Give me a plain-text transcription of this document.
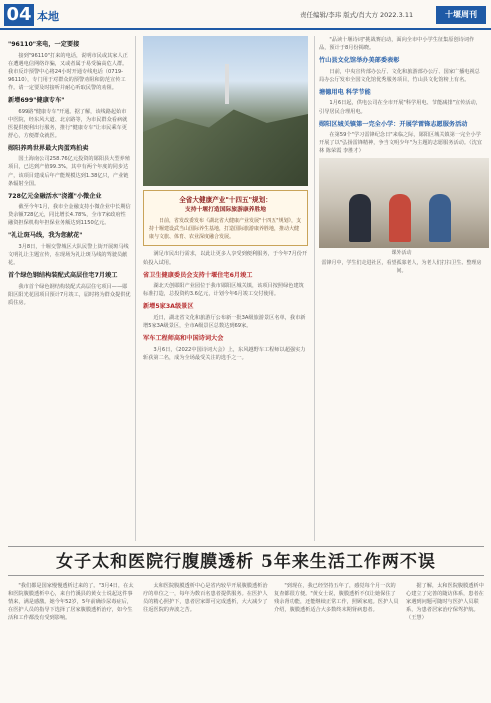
04 本地	责任编辑/李玮 版式/肖大方 2022.3.11	十堰周刊
"96110"来电，一定要接

接到"96110"打来的电话，说明市民或其家人正在遭遇电信网络诈骗，又或者属于易受骗高危人群。我市反诈预警中心将24小时开通专线电话（0719-96110），专门用于对群众的预警劝阻和防范宣传工作。请一定要及时接听并耐心听取民警的劝阻。

新增699"健康专车"

699路"健康专车"开通。据了解，该线路起始市中医院，经东风大道、北京路等，为市民群众看病就医提供便利出行服务，推行"健康专车"让市民乘车更舒心，方便群众就医。

郧阳养鸡世界最大肉蛋鸡拍卖

国土海南公司258.76亿元投资的郧阳县大型养殖项目，已达到产值99.3%，其中有两个年度的同步达产，该项目建成后年产能规模达到1.38亿只，产业链条辐射全国。

728亿元金融活水"浇灌"小微企业

截至今年1月，我市全金融支持小微企业中长期信贷余额728亿元，同比增长4.78%，全市7家政府性融资担保机构年担保业务额达到1150亿元。

"礼让斑马线，我为您献花"

3月8日，十堰交警城区大队民警上街开展斑马线文明礼让主题宣传，在现场为礼让斑马线的驾驶员献花。

首个绿色钢结构装配式高层住宅7月竣工

我市首个绿色钢结构装配式高层住宅项目——郧阳区阳光花园项目预计7月竣工，届时将为群众提供优质住房。

全省大健康产业"十四五"规划：
支持十堰打造国际旅游康养胜地
日前，省发改委发布《湖北省大健康产业发展"十四五"规划》，支持十堰建设武当山国际养生基地，打造国际旅游康养胜地，推动大健康与文旅、体育、农业深度融合发展。

满足市民出行需求，以此让更多人享受到便利服务，于今年7月份开始投入试用。

省卫生健康委员会支持十堰住宅6月竣工

湖北天创郧阳产业园位于我市郧阳区城关镇，该项目按照绿色建筑标准打造，总投资约3.6亿元，计划今年6月竣工交付使用。

新增5家3A级景区

近日，湖北省文化和旅游厅公布新一批3A级旅游景区名单，我市新增5家3A级景区，全市A级景区总数达到69家。

军车工程师高和中国诗词大会

3月6日，《2022中国诗词大会》上，东风越野车工程师以超强实力斩获第二名，成为全场最受关注的选手之一。

"品读十堰诗词"挑战赛启动，面向全市中小学生征集原创诗词作品，预计于8月份揭晓。

竹山县文化馆举办美部委表彰

日前，中央宣传部办公厅、文化和旅游部办公厅、国家广播电视总局办公厅发布全国文化馆优秀服务项目，竹山县文化馆榜上有名。

塘德用电 科学节能

1月6日起，供电公司在全市开展"科学用电、节能减排"宣传活动，引导居民合理用电。

郧阳区城关镇第一完全小学：开展学雷锋志愿服务活动

在第59个"学习雷锋纪念日"来临之际，郧阳区城关镇第一完全小学开展了以"弘扬雷锋精神，争当文明少年"为主题的志愿服务活动。（沈宜林 陈荣霞 李胜才）

课外活动
雷锋月中，学生们走进社区，看望孤寡老人，为老人们打扫卫生、整理房间。
女子太和医院行腹膜透析 5年来生活工作两不误

"我们都是国家慢慢透析过来的了。"3月4日，在太和医院腹膜透析中心，来自竹溪县的黄女士说起这件事情来，满是感激。她今年52岁，5年前确诊尿毒症后，在医护人员的指导下选择了居家腹膜透析治疗，如今生活和工作都没有受到影响。

太和医院腹膜透析中心是省内较早开展腹膜透析治疗的单位之一，每年为数百名患者提供服务。在医护人员的精心照护下，患者居家即可完成透析，大大减少了往返医院的奔波之苦。

"到现在，我已经坚持五年了，感觉每个月一次的复查都很方便。"黄女士说，腹膜透析不仅让她保住了残余肾功能，还能继续正常工作，照顾家庭。医护人员介绍，腹膜透析适合大多数终末期肾病患者。

据了解，太和医院腹膜透析中心建立了完善的随访体系，患者在家遇到问题可随时与医护人员联系，为患者居家治疗保驾护航。（王慧）
